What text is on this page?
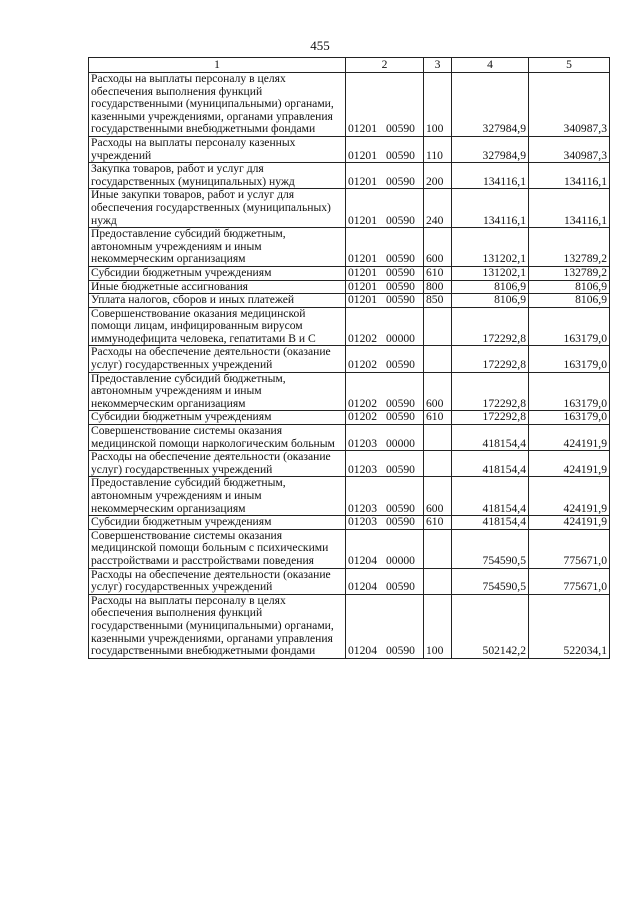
455
1	2	3	4	5
Расходы на выплаты персоналу в целях обеспечения выполнения функций государственными (муниципальными) органами, казенными учреждениями, органами управления государственными внебюджетными фондами	01201 00590	100	327984,9	340987,3
Расходы на выплаты персоналу казенных учреждений	01201 00590	110	327984,9	340987,3
Закупка товаров, работ и услуг для государственных (муниципальных) нужд	01201 00590	200	134116,1	134116,1
Иные закупки товаров, работ и услуг для обеспечения государственных (муниципальных) нужд	01201 00590	240	134116,1	134116,1
Предоставление субсидий бюджетным, автономным учреждениям и иным некоммерческим организациям	01201 00590	600	131202,1	132789,2
Субсидии бюджетным учреждениям	01201 00590	610	131202,1	132789,2
Иные бюджетные ассигнования	01201 00590	800	8106,9	8106,9
Уплата налогов, сборов и иных платежей	01201 00590	850	8106,9	8106,9
Совершенствование оказания медицинской помощи лицам, инфицированным вирусом иммунодефицита человека, гепатитами В и С	01202 00000		172292,8	163179,0
Расходы на обеспечение деятельности (оказание услуг) государственных учреждений	01202 00590		172292,8	163179,0
Предоставление субсидий бюджетным, автономным учреждениям и иным некоммерческим организациям	01202 00590	600	172292,8	163179,0
Субсидии бюджетным учреждениям	01202 00590	610	172292,8	163179,0
Совершенствование системы оказания медицинской помощи наркологическим больным	01203 00000		418154,4	424191,9
Расходы на обеспечение деятельности (оказание услуг) государственных учреждений	01203 00590		418154,4	424191,9
Предоставление субсидий бюджетным, автономным учреждениям и иным некоммерческим организациям	01203 00590	600	418154,4	424191,9
Субсидии бюджетным учреждениям	01203 00590	610	418154,4	424191,9
Совершенствование системы оказания медицинской помощи больным с психическими расстройствами и расстройствами поведения	01204 00000		754590,5	775671,0
Расходы на обеспечение деятельности (оказание услуг) государственных учреждений	01204 00590		754590,5	775671,0
Расходы на выплаты персоналу в целях обеспечения выполнения функций государственными (муниципальными) органами, казенными учреждениями, органами управления государственными внебюджетными фондами	01204 00590	100	502142,2	522034,1
